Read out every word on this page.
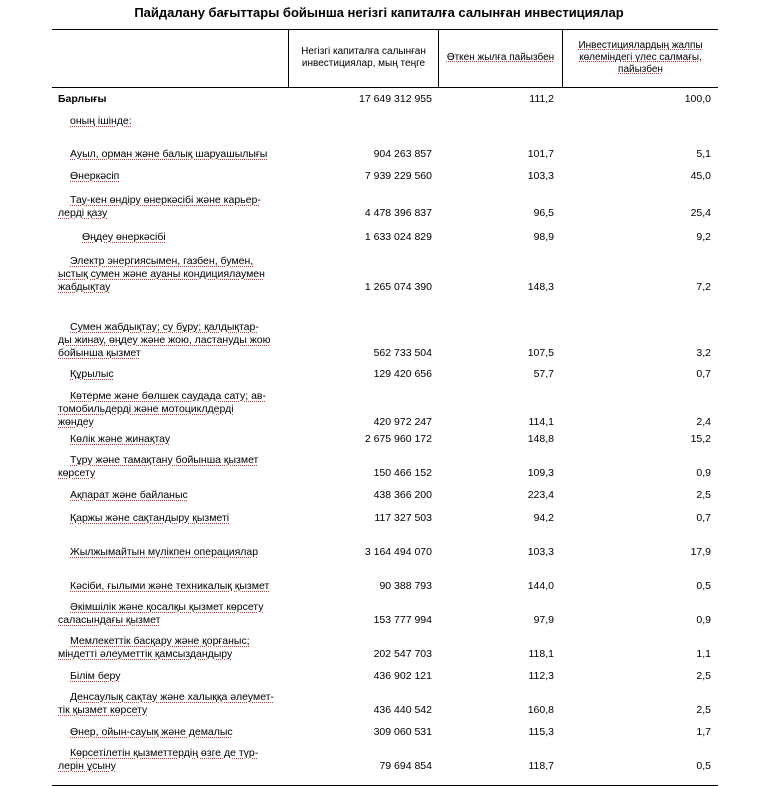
Пайдалану бағыттары бойынша негізгі капиталға салынған инвестициялар
Негізгі капиталға салынған инвестициялар, мың теңге
Өткен жылға пайызбен
Инвестициялардың жалпы көлеміндегі үлес салмағы, пайызбен
Барлығы	17 649 312 955	111,2	100,0
оның ішінде:
Ауыл, орман және балық шаруашылығы	904 263 857	101,7	5,1
Өнеркәсіп	7 939 229 560	103,3	45,0
Тау-кен өндіру өнеркәсібі және карьер-
лерді қазу	4 478 396 837	96,5	25,4
Өңдеу өнеркәсібі	1 633 024 829	98,9	9,2
Электр энергиясымен, газбен, бумен,
ыстық сумен және ауаны кондициялаумен
жабдықтау	1 265 074 390	148,3	7,2
Сумен жабдықтау; су бұру; қалдықтар-
ды жинау, өңдеу және жою, ластануды жою
бойынша қызмет	562 733 504	107,5	3,2
Құрылыс	129 420 656	57,7	0,7
Көтерме және бөлшек саудада сату; ав-
томобильдерді және мотоциклдерді
жөндеу	420 972 247	114,1	2,4
Көлік және жинақтау	2 675 960 172	148,8	15,2
Тұру және тамақтану бойынша қызмет
көрсету	150 466 152	109,3	0,9
Ақпарат және байланыс	438 366 200	223,4	2,5
Қаржы және сақтандыру қызметі	117 327 503	94,2	0,7
Жылжымайтын мүлікпен операциялар	3 164 494 070	103,3	17,9
Кәсіби, ғылыми және техникалық қызмет	90 388 793	144,0	0,5
Әкімшілік және қосалқы қызмет көрсету
саласындағы қызмет	153 777 994	97,9	0,9
Мемлекеттік басқару және қорғаныс;
міндетті әлеуметтік қамсыздандыру	202 547 703	118,1	1,1
Білім беру	436 902 121	112,3	2,5
Денсаулық сақтау және халыққа әлеумет-
тік қызмет көрсету	436 440 542	160,8	2,5
Өнер, ойын-сауық және демалыс	309 060 531	115,3	1,7
Көрсетілетін қызметтердің өзге де түр-
лерін ұсыну	79 694 854	118,7	0,5
